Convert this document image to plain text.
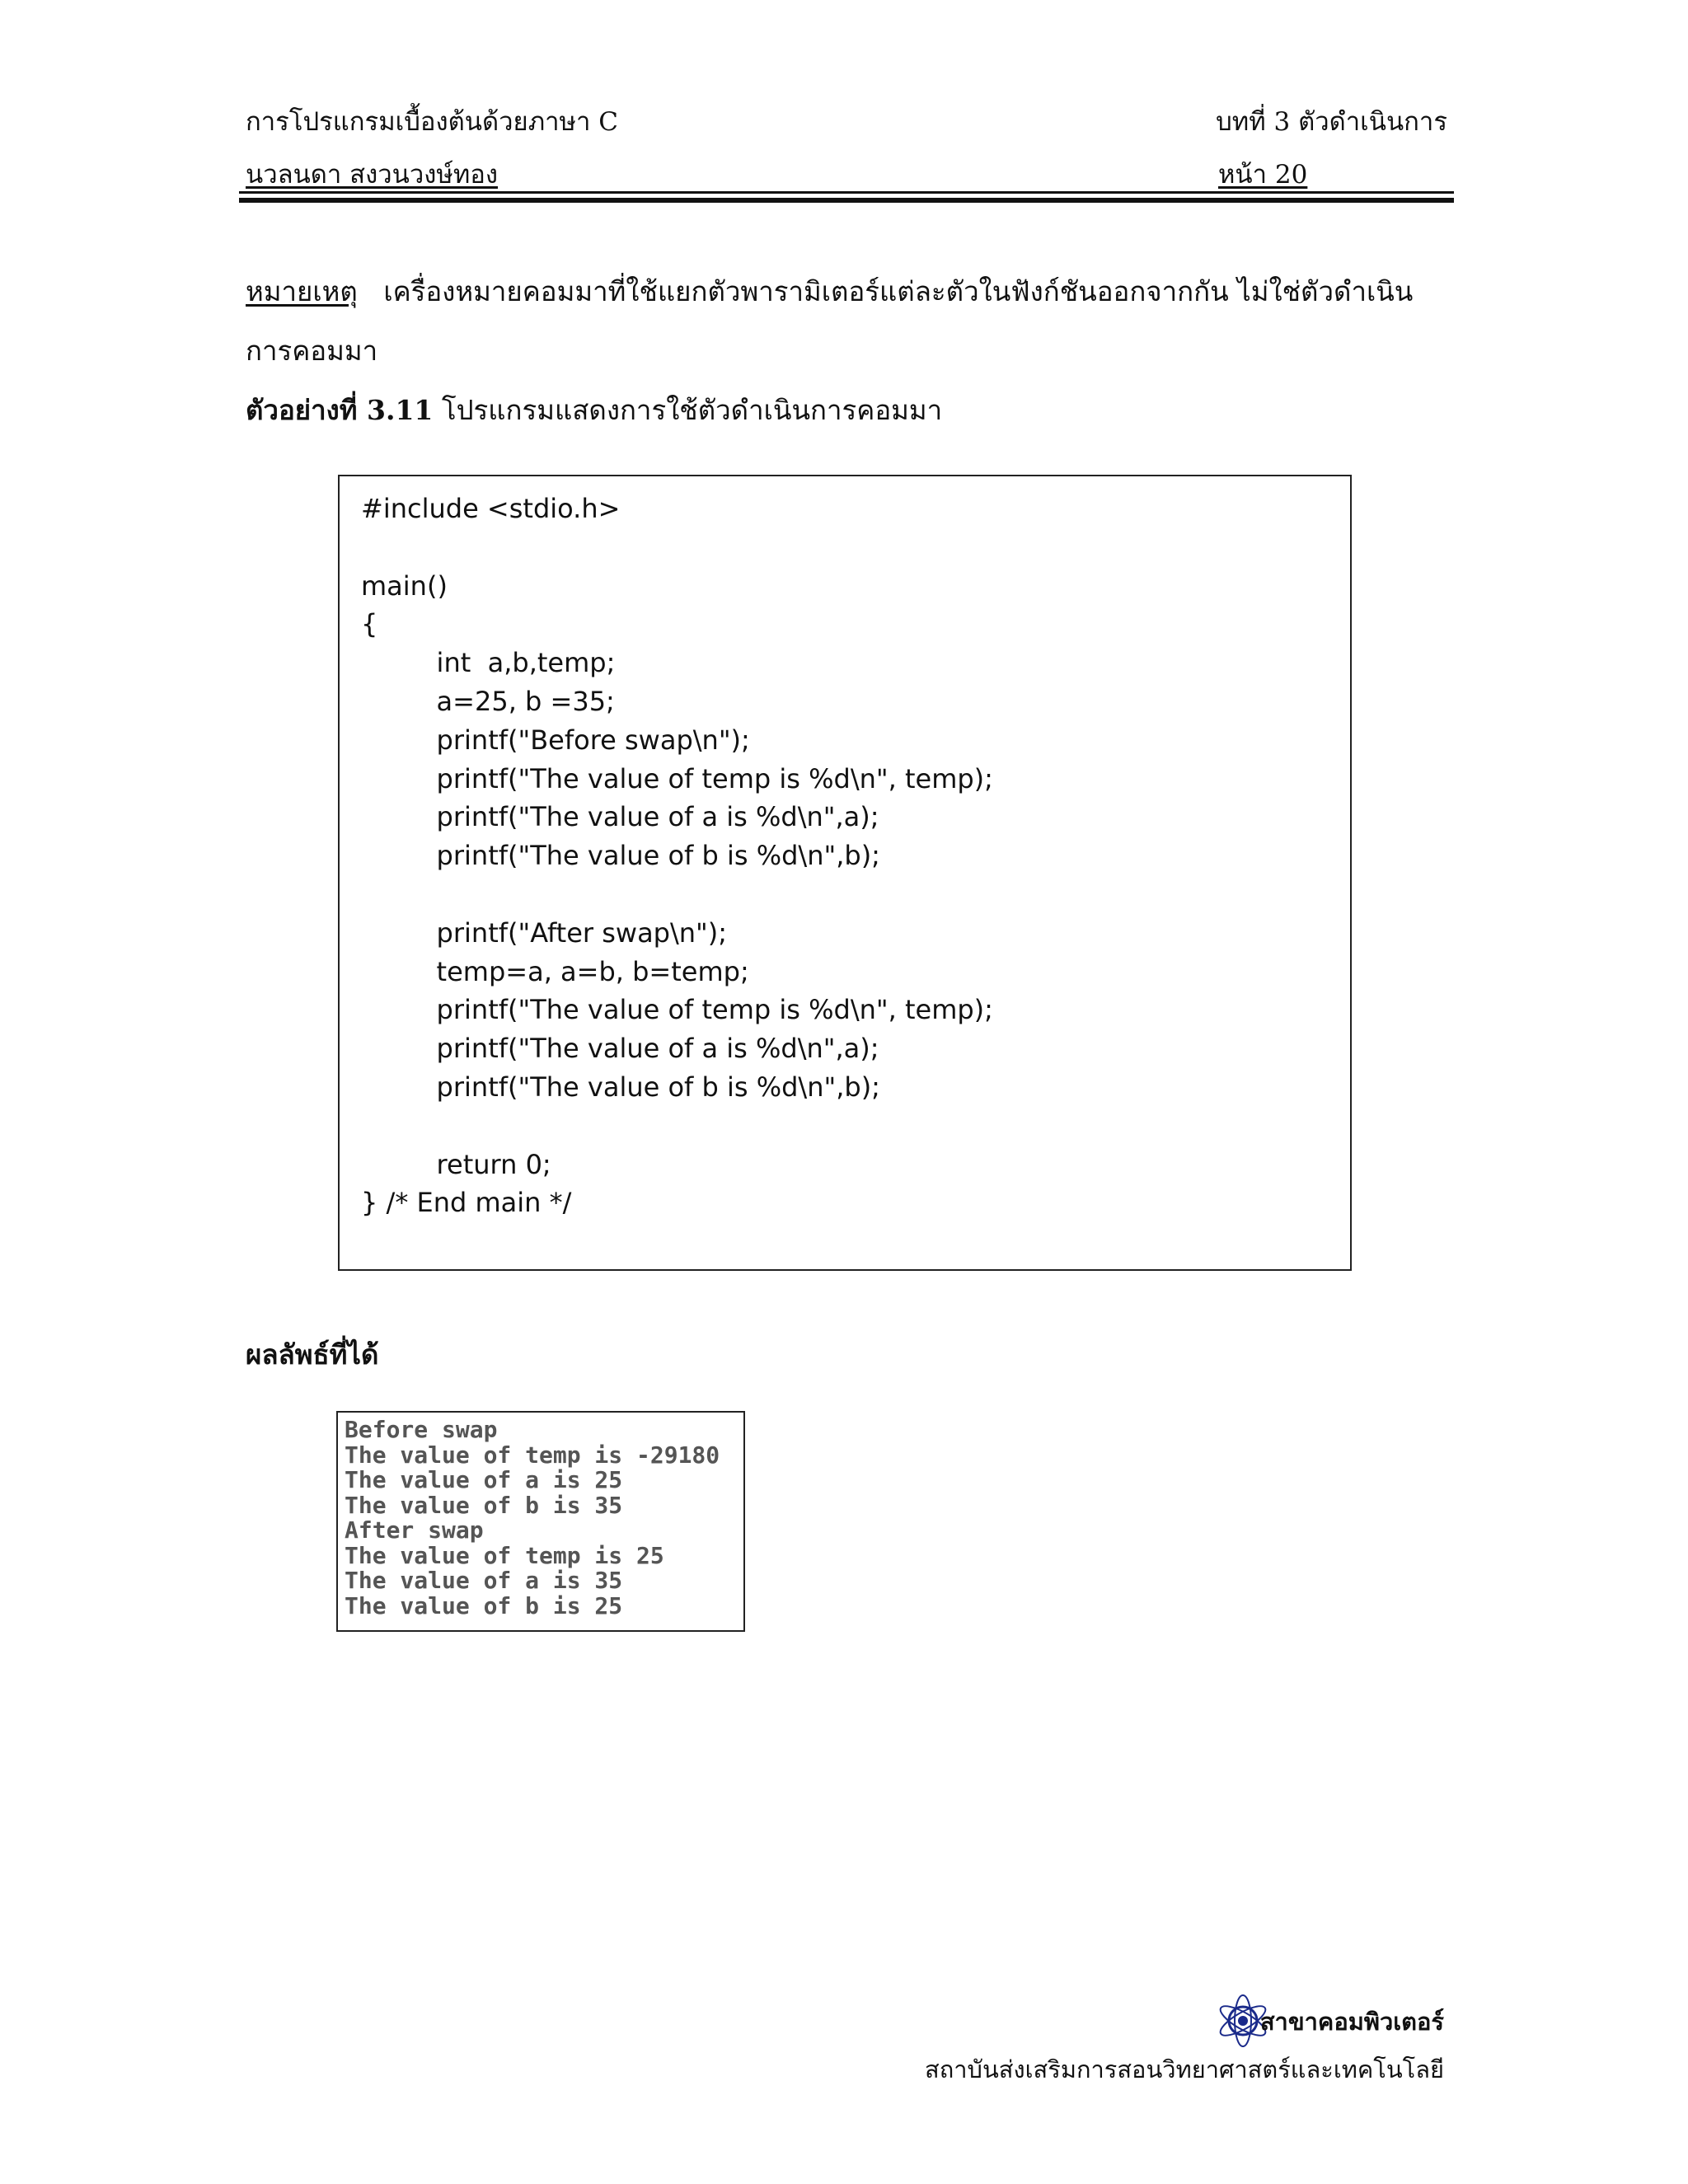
การโปรแกรมเบื้องต้นด้วยภาษา C	บทที่ 3 ตัวดำเนินการ
นวลนดา สงวนวงษ์ทอง	หน้า 20
หมายเหตุ เครื่องหมายคอมมาที่ใช้แยกตัวพารามิเตอร์แต่ละตัวในฟังก์ชันออกจากกัน ไม่ใช่ตัวดำเนิน
การคอมมา
ตัวอย่างที่ 3.11 โปรแกรมแสดงการใช้ตัวดำเนินการคอมมา
#include <stdio.h>

main()
{
int  a,b,temp;
a=25, b =35;
printf("Before swap\n");
printf("The value of temp is %d\n", temp);
printf("The value of a is %d\n",a);
printf("The value of b is %d\n",b);

printf("After swap\n");
temp=a, a=b, b=temp;
printf("The value of temp is %d\n", temp);
printf("The value of a is %d\n",a);
printf("The value of b is %d\n",b);

return 0;
} /* End main */
ผลลัพธ์ที่ได้
Before swap
The value of temp is -29180
The value of a is 25
The value of b is 35
After swap
The value of temp is 25
The value of a is 35
The value of b is 25
สาขาคอมพิวเตอร์
สถาบันส่งเสริมการสอนวิทยาศาสตร์และเทคโนโลยี
